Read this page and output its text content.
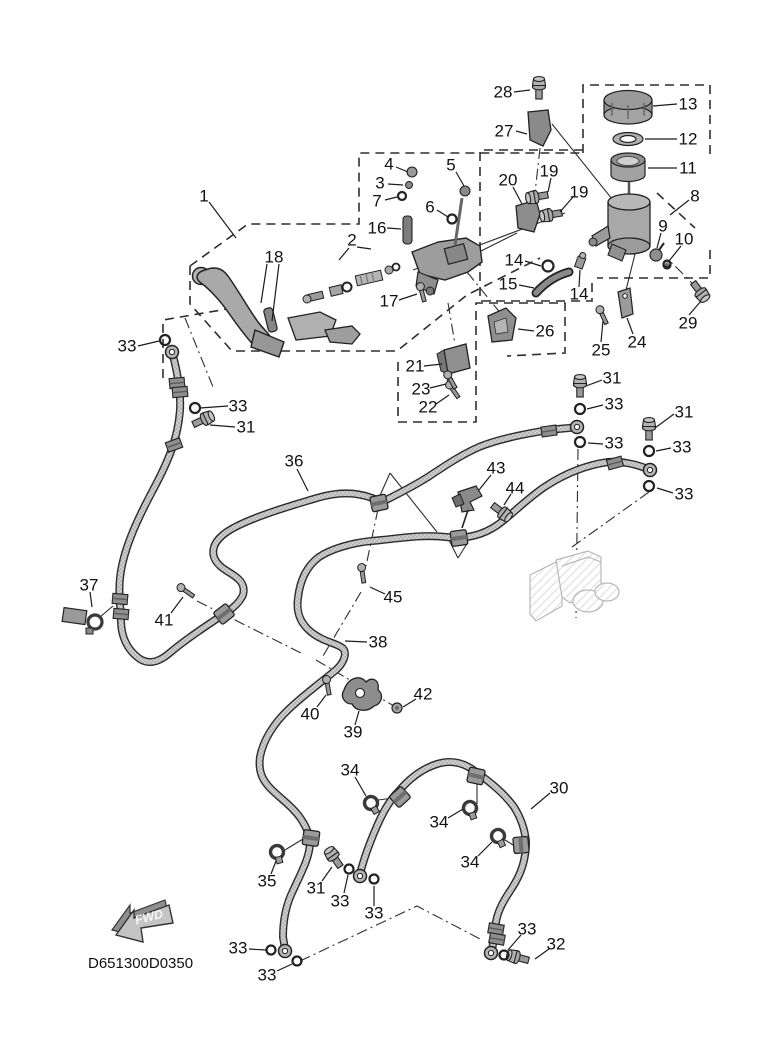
FWD
D651300D0350
28
27
13
12
11
8
9
10
29
20 19
19
14
15
14
26
25 24
1
4
3
7
5
6
16
2
18
17
21
23
22
33
33
31
36	43
44
31
33
33
31
33
33
45
37
41
38
40
39
42
34
34
34
30
35 31
33
33
33
33
33
32
